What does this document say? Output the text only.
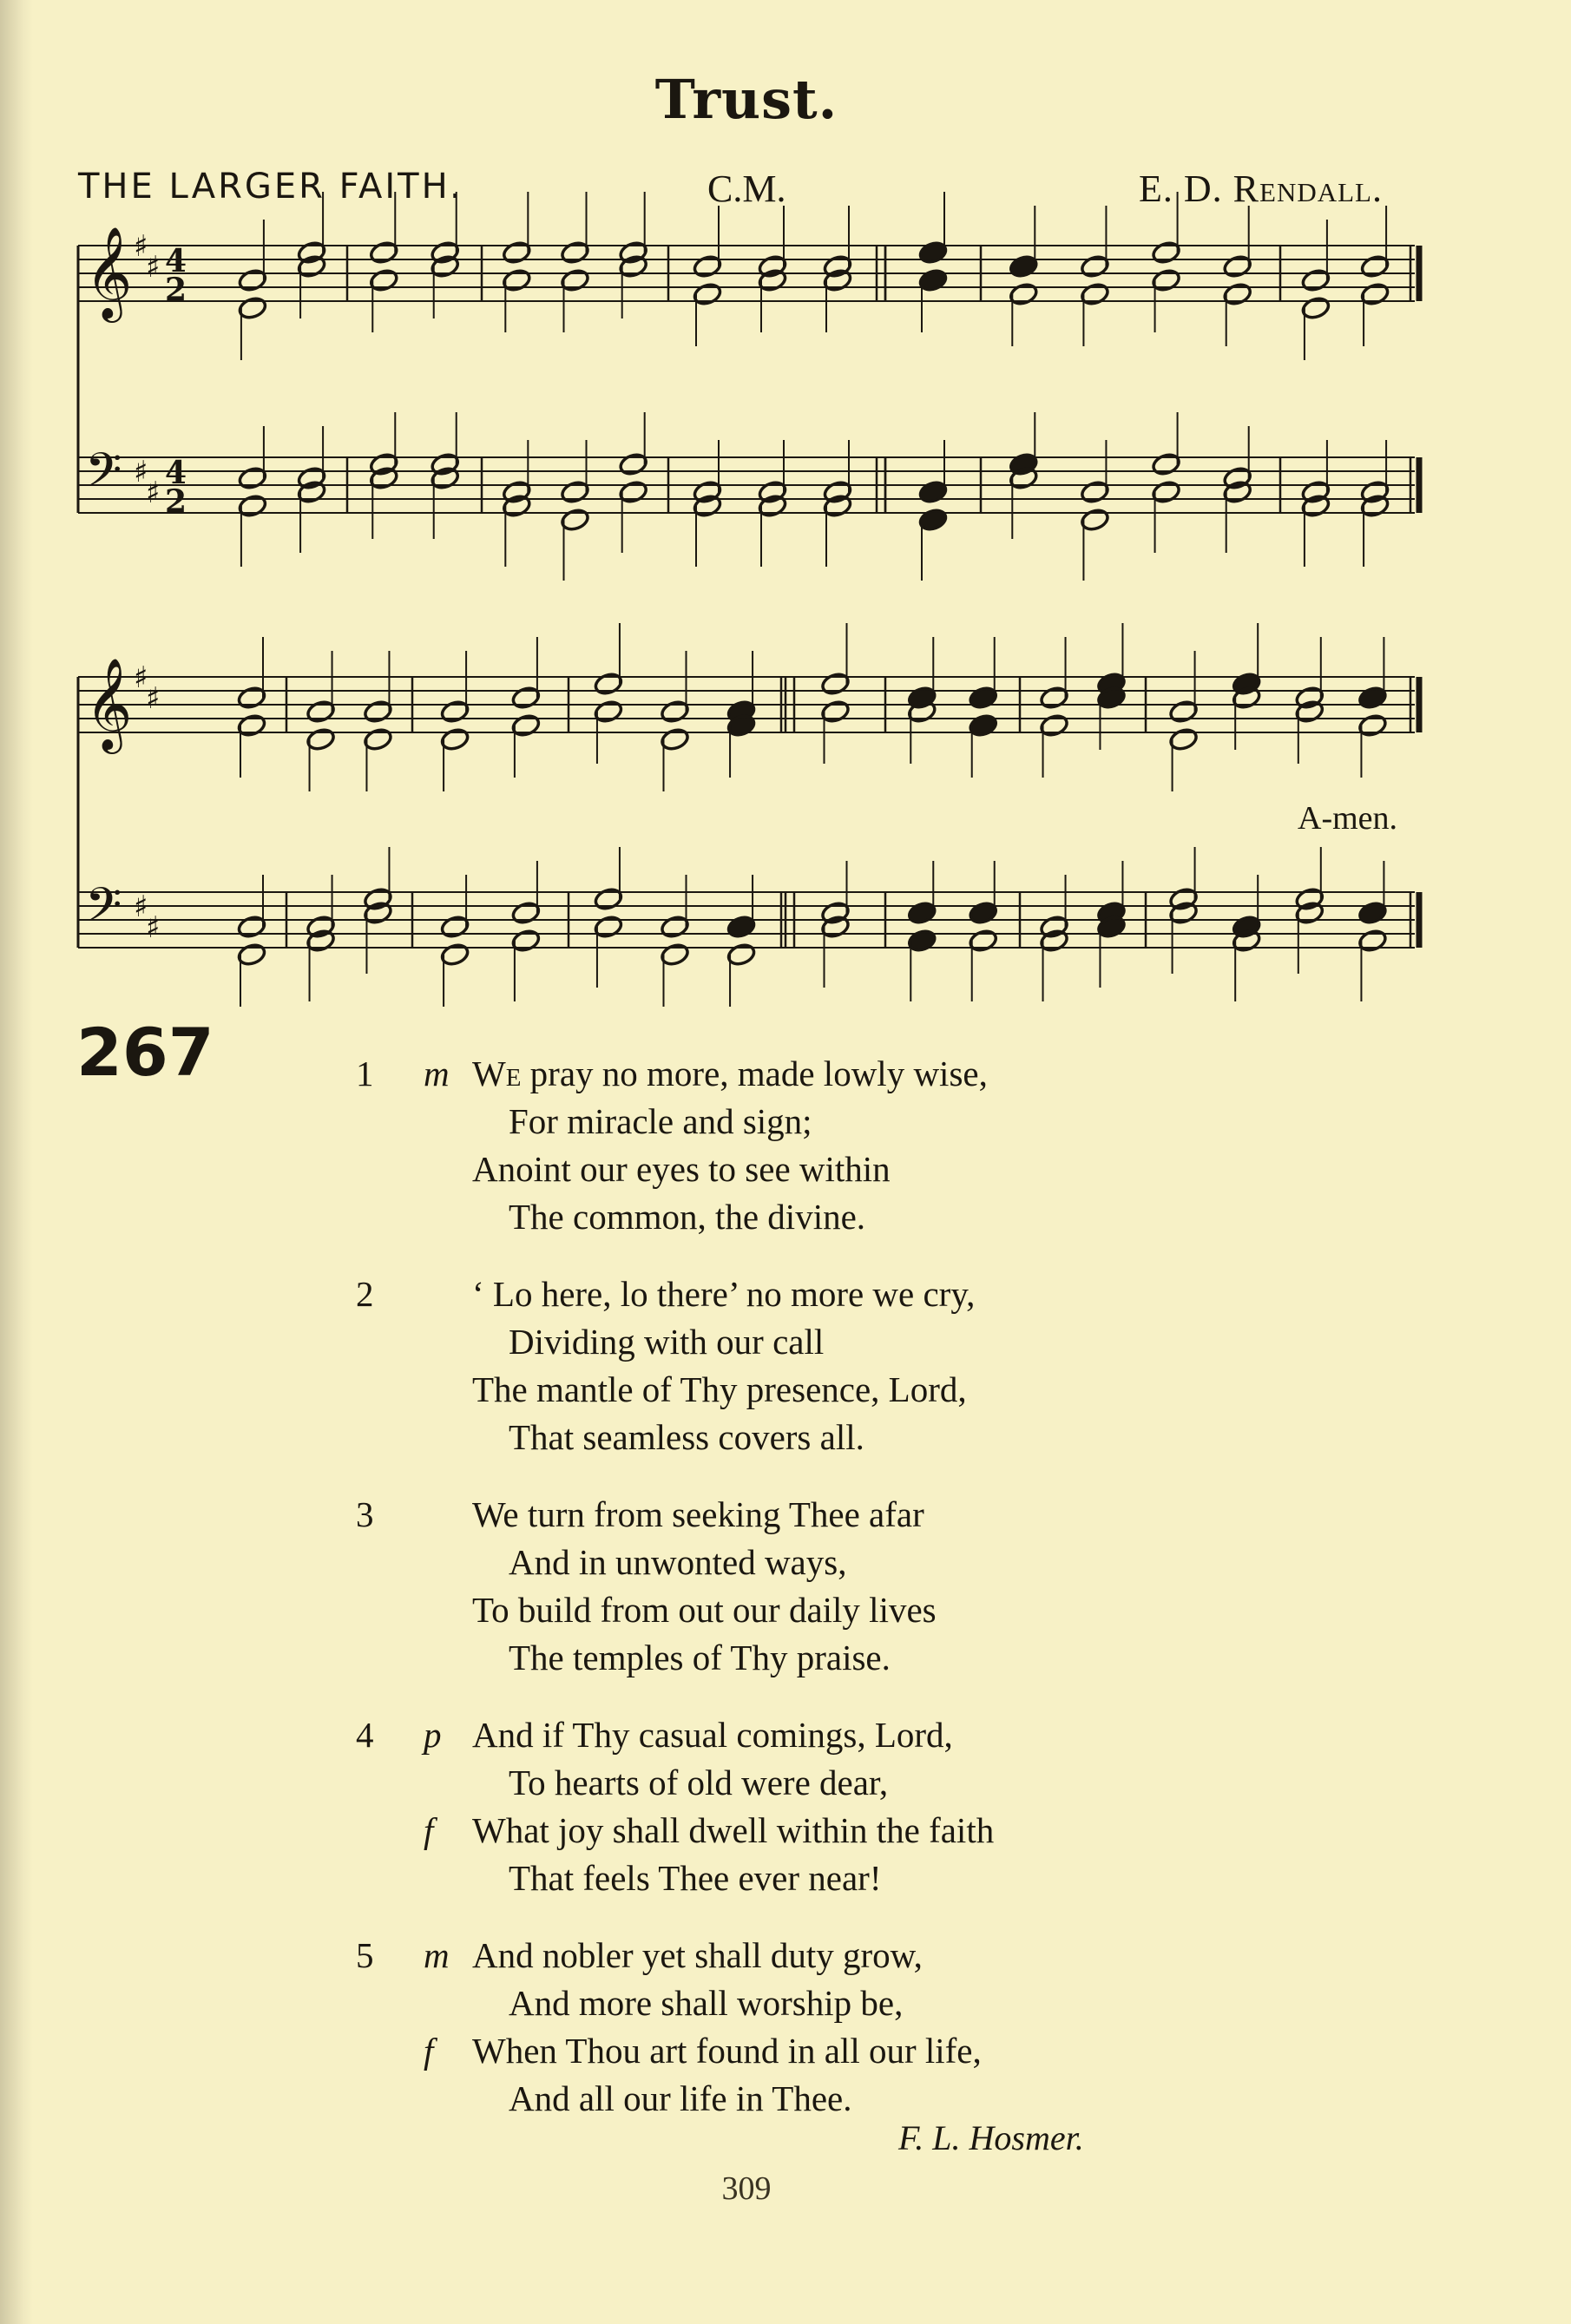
Trust.
THE LARGER FAITH.	C.M.	E. D. Rendall.
𝄞
𝄢
♯
♯
♯
♯
4
2
4
2
𝄞
𝄢
♯
♯
♯
♯
A-men.
267	1 m We pray no more, made lowly wise,
For miracle and sign;
Anoint our eyes to see within
The common, the divine.
2	‘ Lo here, lo there’ no more we cry,
Dividing with our call
The mantle of Thy presence, Lord,
That seamless covers all.
3	We turn from seeking Thee afar
And in unwonted ways,
To build from out our daily lives
The temples of Thy praise.
4 p And if Thy casual comings, Lord,
To hearts of old were dear,
f What joy shall dwell within the faith
That feels Thee ever near!
5 m And nobler yet shall duty grow,
And more shall worship be,
f When Thou art found in all our life,
And all our life in Thee.
F. L. Hosmer.
309
